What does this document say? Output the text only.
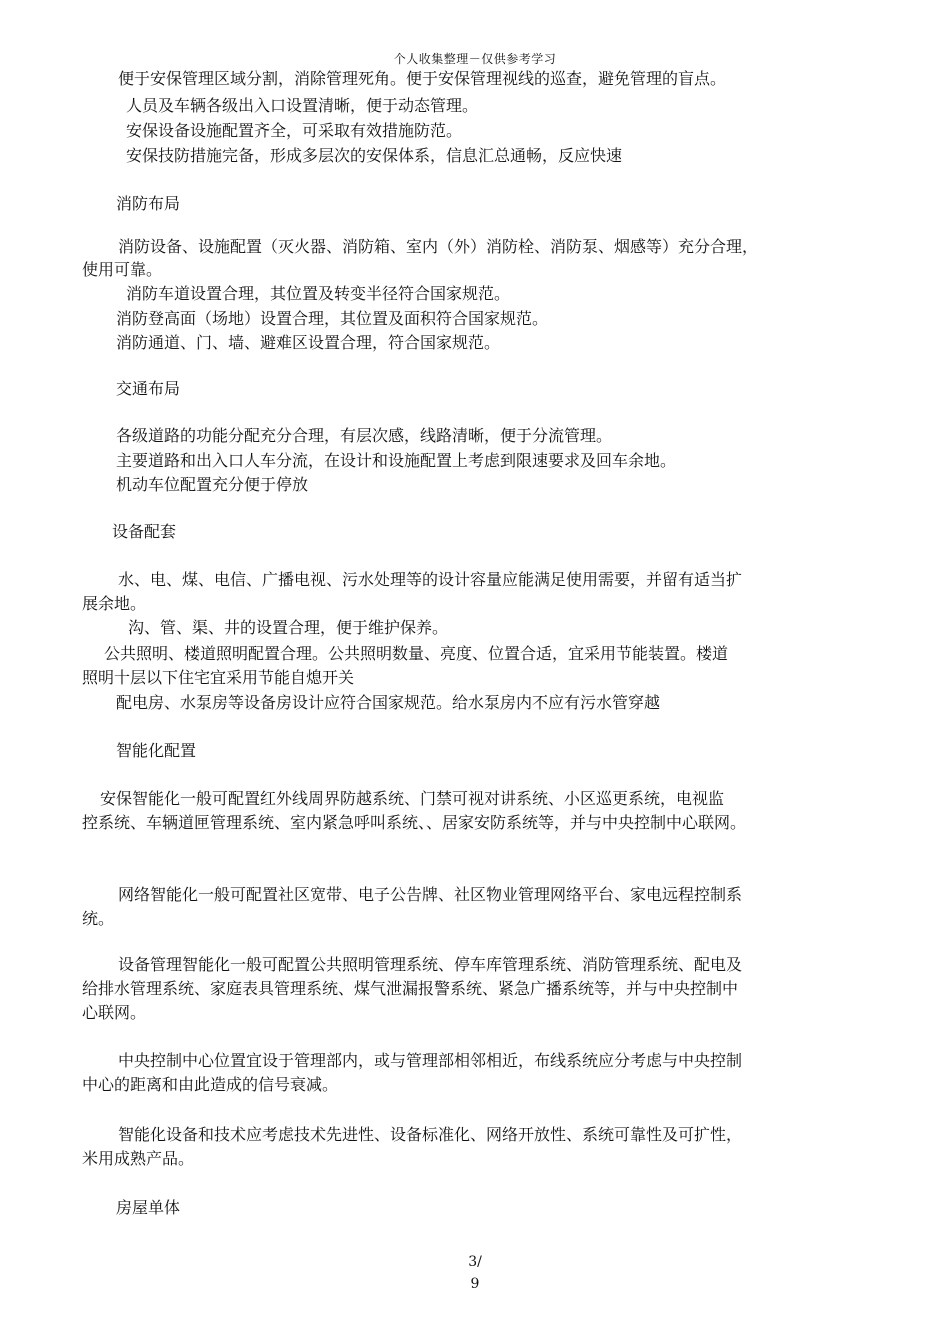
个人收集整理－仅供参考学习
便于安保管理区域分割，消除管理死角。便于安保管理视线的巡查，避免管理的盲点。
人员及车辆各级出入口设置清晰，便于动态管理。
安保设备设施配置齐全，可采取有效措施防范。
安保技防措施完备，形成多层次的安保体系，信息汇总通畅，反应快速
消防布局
消防设备、设施配置（灭火器、消防箱、室内（外）消防栓、消防泵、烟感等）充分合理，
使用可靠。
消防车道设置合理，其位置及转变半径符合国家规范。
消防登高面（场地）设置合理，其位置及面积符合国家规范。
消防通道、门、墙、避难区设置合理，符合国家规范。
交通布局
各级道路的功能分配充分合理，有层次感，线路清晰，便于分流管理。
主要道路和出入口人车分流，在设计和设施配置上考虑到限速要求及回车余地。
机动车位配置充分便于停放
设备配套
水、电、煤、电信、广播电视、污水处理等的设计容量应能满足使用需要，并留有适当扩
展余地。
沟、管、渠、井的设置合理，便于维护保养。
公共照明、楼道照明配置合理。公共照明数量、亮度、位置合适，宜采用节能装置。楼道
照明十层以下住宅宜采用节能自熄开关
配电房、水泵房等设备房设计应符合国家规范。给水泵房内不应有污水管穿越
智能化配置
安保智能化一般可配置红外线周界防越系统、门禁可视对讲系统、小区巡更系统，电视监
控系统、车辆道匣管理系统、室内紧急呼叫系统、、居家安防系统等，并与中央控制中心联网。
网络智能化一般可配置社区宽带、电子公告牌、社区物业管理网络平台、家电远程控制系
统。
设备管理智能化一般可配置公共照明管理系统、停车库管理系统、消防管理系统、配电及
给排水管理系统、家庭表具管理系统、煤气泄漏报警系统、紧急广播系统等，并与中央控制中
心联网。
中央控制中心位置宜设于管理部内，或与管理部相邻相近，布线系统应分考虑与中央控制
中心的距离和由此造成的信号衰减。
智能化设备和技术应考虑技术先进性、设备标准化、网络开放性、系统可靠性及可扩性，
米用成熟产品。
房屋单体
3/
9
